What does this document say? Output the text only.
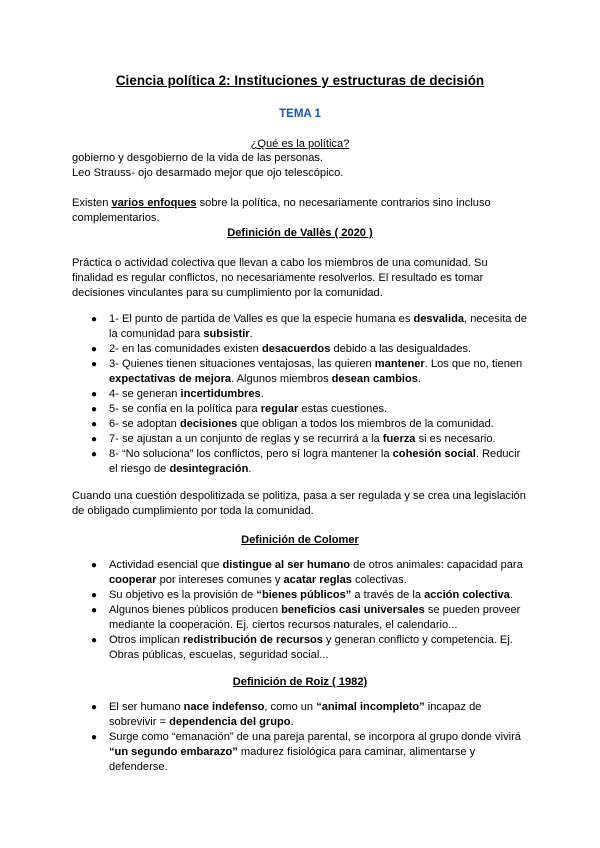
Ciencia política 2: Instituciones y estructuras de decisión
TEMA 1
¿Qué es la política?
gobierno y desgobierno de la vida de las personas.
Leo Strauss- ojo desarmado mejor que ojo telescópico.
Existen varios enfoques sobre la política, no necesariamente contrarios sino incluso
complementarios.
Definición de Vallès ( 2020 )
Práctica o actividad colectiva que llevan a cabo los miembros de una comunidad. Su
finalidad es regular conflictos, no necesariamente resolverlos. El resultado es tomar
decisiones vinculantes para su cumplimiento por la comunidad.
● 1- El punto de partida de Valles es que la especie humana es desvalida, necesita de
la comunidad para subsistir.
● 2- en las comunidades existen desacuerdos debido a las desigualdades.
● 3- Quienes tienen situaciones ventajosas, las quieren mantener. Los que no, tienen
expectativas de mejora. Algunos miembros desean cambios.
● 4- se generan incertidumbres.
● 5- se confía en la política para regular estas cuestiones.
● 6- se adoptan decisiones que obligan a todos los miembros de la comunidad.
● 7- se ajustan a un conjunto de reglas y se recurrirá a la fuerza si es necesario.
● 8- “No soluciona” los conflictos, pero sí logra mantener la cohesión social. Reducir
el riesgo de desintegración.
Cuando una cuestión despolitizada se politiza, pasa a ser regulada y se crea una legislación
de obligado cumplimiento por toda la comunidad.
Definición de Colomer
● Actividad esencial que distingue al ser humano de otros animales: capacidad para
cooperar por intereses comunes y acatar reglas colectivas.
● Su objetivo es la provisión de “bienes públicos” a través de la acción colectiva.
● Algunos bienes públicos producen beneficios casi universales se pueden proveer
mediante la cooperación. Ej. ciertos recursos naturales, el calendario...
● Otros implican redistribución de recursos y generan conflicto y competencia. Ej.
Obras públicas, escuelas, seguridad social...
Definición de Roiz ( 1982)
● El ser humano nace indefenso, como un “animal incompleto” incapaz de
sobrevivir = dependencia del grupo.
● Surge como “emanación” de una pareja parental, se incorpora al grupo donde vivirá
“un segundo embarazo” madurez fisiológica para caminar, alimentarse y
defenderse.
